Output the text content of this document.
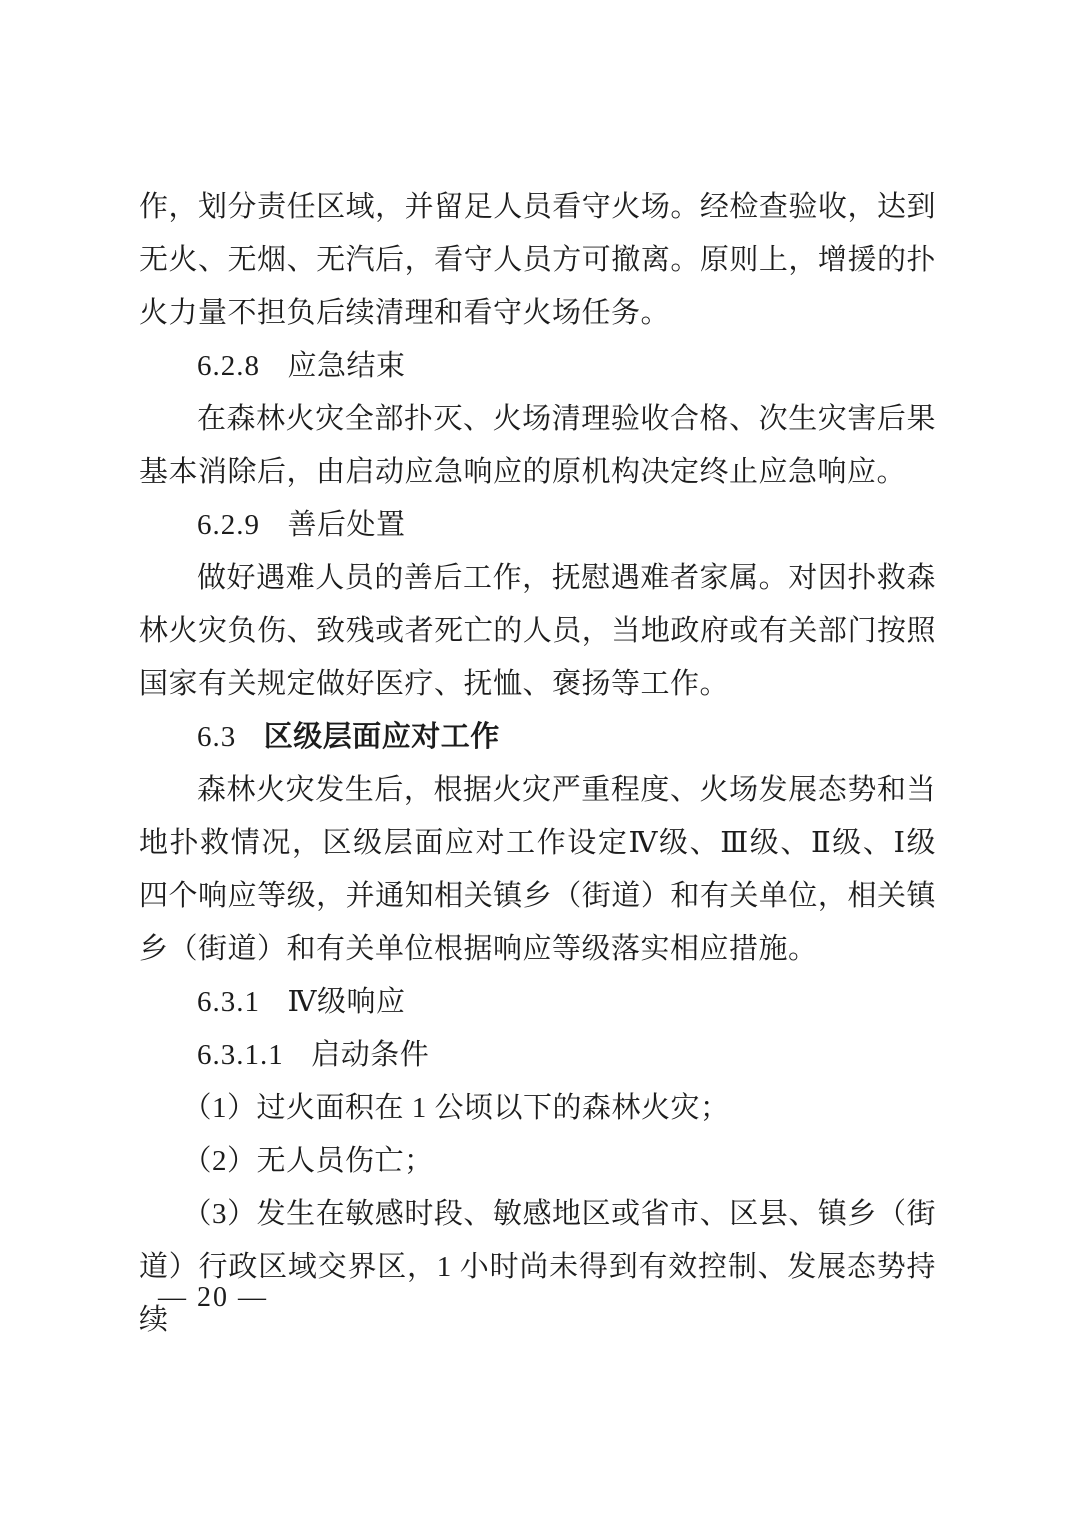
作，划分责任区域，并留足人员看守火场。经检查验收，达到无火、无烟、无汽后，看守人员方可撤离。原则上，增援的扑火力量不担负后续清理和看守火场任务。

6.2.8 应急结束

在森林火灾全部扑灭、火场清理验收合格、次生灾害后果基本消除后，由启动应急响应的原机构决定终止应急响应。

6.2.9 善后处置

做好遇难人员的善后工作，抚慰遇难者家属。对因扑救森林火灾负伤、致残或者死亡的人员，当地政府或有关部门按照国家有关规定做好医疗、抚恤、褒扬等工作。

6.3 区级层面应对工作

森林火灾发生后，根据火灾严重程度、火场发展态势和当地扑救情况，区级层面应对工作设定Ⅳ级、Ⅲ级、Ⅱ级、Ⅰ级四个响应等级，并通知相关镇乡（街道）和有关单位，相关镇乡（街道）和有关单位根据响应等级落实相应措施。

6.3.1 Ⅳ级响应

6.3.1.1 启动条件

（1）过火面积在 1 公顷以下的森林火灾；

（2）无人员伤亡；

（3）发生在敏感时段、敏感地区或省市、区县、镇乡（街道）行政区域交界区，1 小时尚未得到有效控制、发展态势持续

— 20 —
